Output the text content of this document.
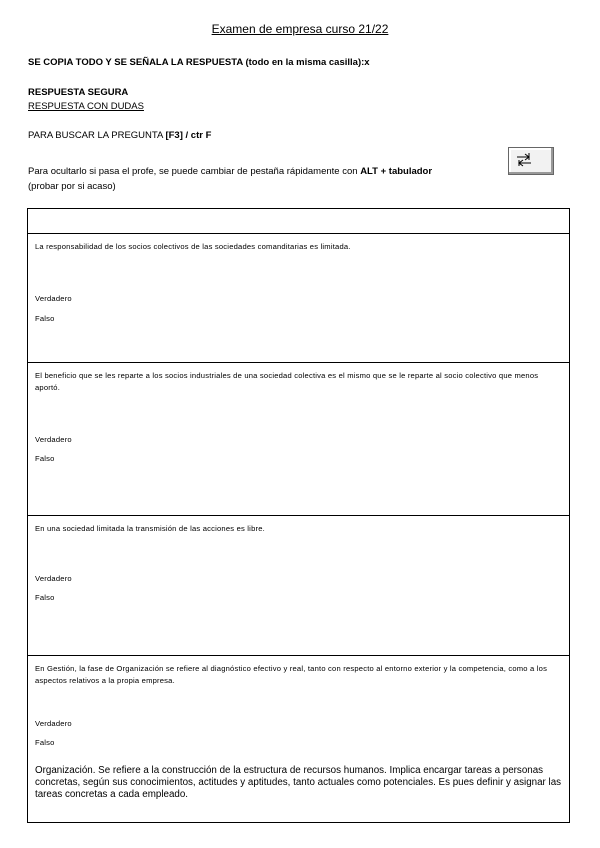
Examen de empresa curso 21/22
SE COPIA TODO Y SE SEÑALA LA RESPUESTA (todo en la misma casilla):x
RESPUESTA SEGURA
RESPUESTA CON DUDAS
PARA BUSCAR LA PREGUNTA [F3] / ctr F
Para ocultarlo si pasa el profe, se puede cambiar de pestaña rápidamente con ALT + tabulador
(probar por si acaso)
La responsabilidad de los socios colectivos de las sociedades comanditarias es limitada.
Verdadero
Falso
El beneficio que se les reparte a los socios industriales de una sociedad colectiva es el mismo que se le reparte al socio colectivo que menos aportó.
Verdadero
Falso
En una sociedad limitada la transmisión de las acciones es libre.
Verdadero
Falso
En Gestión, la fase de Organización se refiere al diagnóstico efectivo y real, tanto con respecto al entorno exterior y la competencia, como a los aspectos relativos a la propia empresa.
Verdadero
Falso
Organización. Se refiere a la construcción de la estructura de recursos humanos. Implica encargar tareas a personas concretas, según sus conocimientos, actitudes y aptitudes, tanto actuales como potenciales. Es pues definir y asignar las tareas concretas a cada empleado.
